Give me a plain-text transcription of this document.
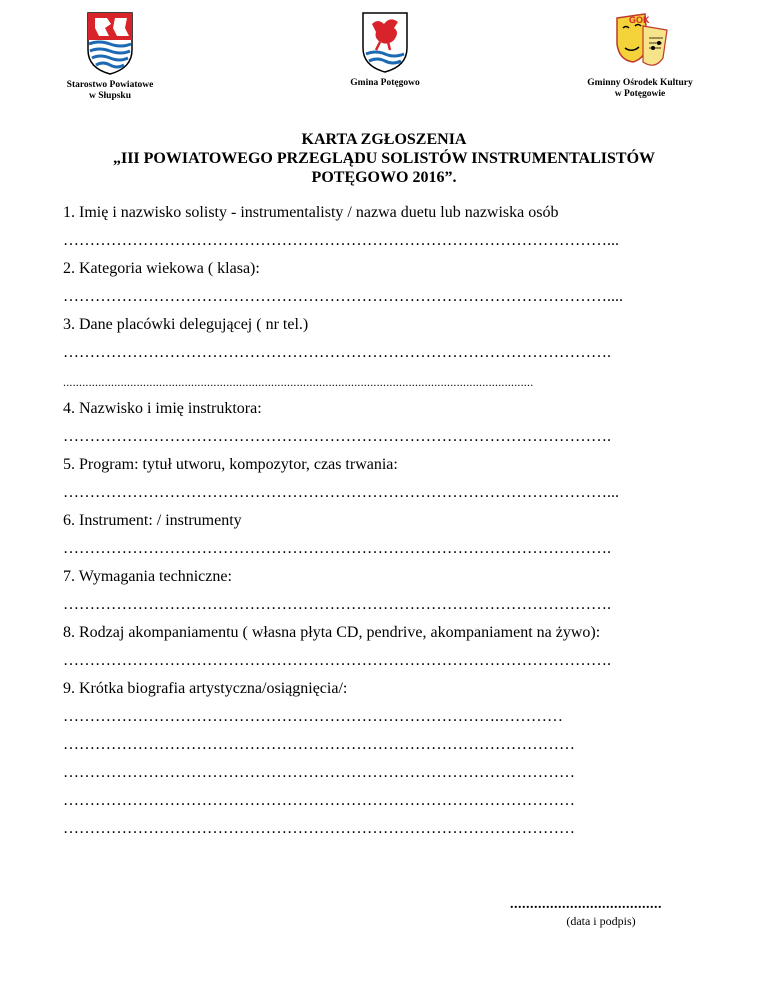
Starostwo Powiatowe
w Słupsku
Gmina Potęgowo
GOK
Gminny Ośrodek Kultury
w Potęgowie
KARTA ZGŁOSZENIA
„III POWIATOWEGO PRZEGLĄDU SOLISTÓW INSTRUMENTALISTÓW
POTĘGOWO 2016”.
1. Imię i nazwisko solisty - instrumentalisty / nazwa duetu lub nazwiska osób
…………………………………………………………………………………………...
2. Kategoria wiekowa ( klasa):
…………………………………………………………………………………………....
3. Dane placówki delegującej ( nr tel.)
………………………………………………………………………………………….
...................................................................................................................................................
4. Nazwisko i imię instruktora:
………………………………………………………………………………………….
5. Program: tytuł utworu, kompozytor, czas trwania:
…………………………………………………………………………………………...
6. Instrument: / instrumenty
………………………………………………………………………………………….
7. Wymagania techniczne:
………………………………………………………………………………………….
8. Rodzaj akompaniamentu ( własna płyta CD, pendrive, akompaniament na żywo):
………………………………………………………………………………………….
9. Krótka biografia artystyczna/osiągnięcia/:
……………………………………………………………………….…………
……………………………………………………………………………………
……………………………………………………………………………………
……………………………………………………………………………………
……………………………………………………………………………………
......................................
(data i podpis)
